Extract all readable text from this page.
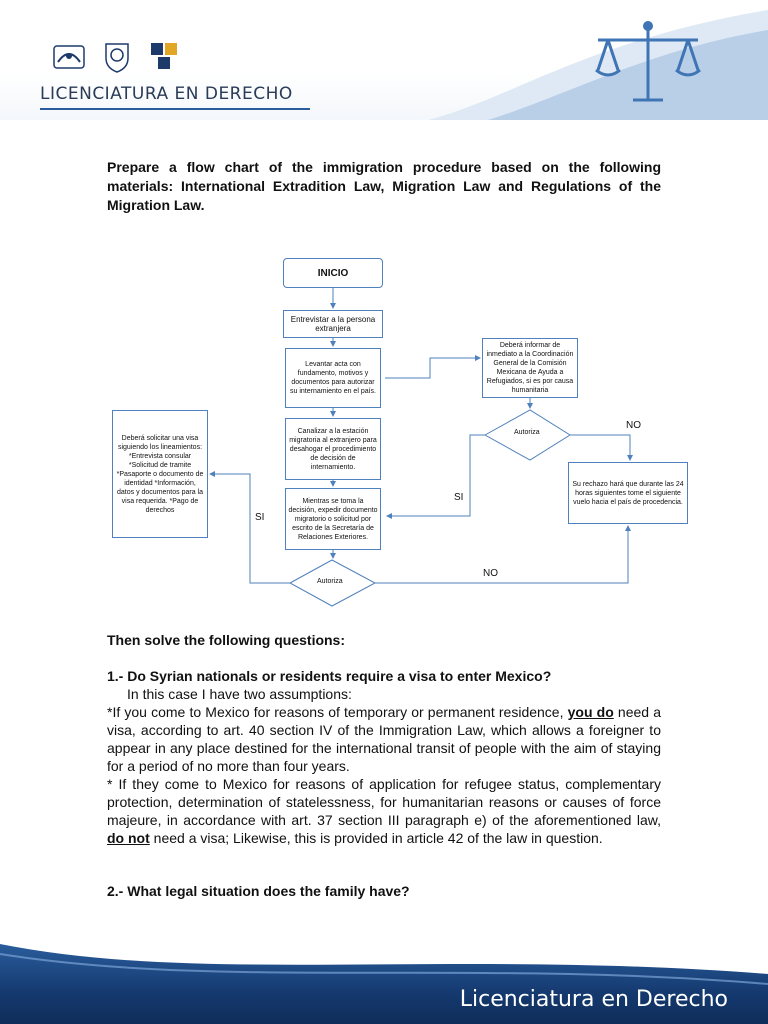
LICENCIATURA EN DERECHO
Prepare a flow chart of the immigration procedure based on the following materials: International Extradition Law, Migration Law and Regulations of the Migration Law.
INICIO
Entrevistar a la persona extranjera
Levantar acta con fundamento, motivos y documentos para autorizar su internamiento en el país.
Canalizar a la estación migratoria al extranjero para desahogar el procedimiento de decisión de internamiento.
Mientras se toma la decisión, expedir documento migratorio o solicitud por escrito de la Secretaría de Relaciones Exteriores.
Deberá informar de inmediato a la Coordinación General de la Comisión Mexicana de Ayuda a Refugiados, si es por causa humanitaria
Deberá solicitar una visa siguiendo los lineamientos: *Entrevista consular *Solicitud de tramite *Pasaporte o documento de identidad *Información, datos y documentos para la visa requerida. *Pago de derechos
Su rechazo hará que durante las 24 horas siguientes tome el siguiente vuelo hacia el país de procedencia.
Autoriza
Autoriza
SI
SI
NO
NO
Then solve the following questions:
1.- Do Syrian nationals or residents require a visa to enter Mexico?
In this case I have two assumptions:
*If you come to Mexico for reasons of temporary or permanent residence, you do need a visa, according to art. 40 section IV of the Immigration Law, which allows a foreigner to appear in any place destined for the international transit of people with the aim of staying for a period of no more than four years.
* If they come to Mexico for reasons of application for refugee status, complementary protection, determination of statelessness, for humanitarian reasons or causes of force majeure, in accordance with art. 37 section III paragraph e) of the aforementioned law, do not need a visa; Likewise, this is provided in article 42 of the law in question.
2.- What legal situation does the family have?
Licenciatura en Derecho
